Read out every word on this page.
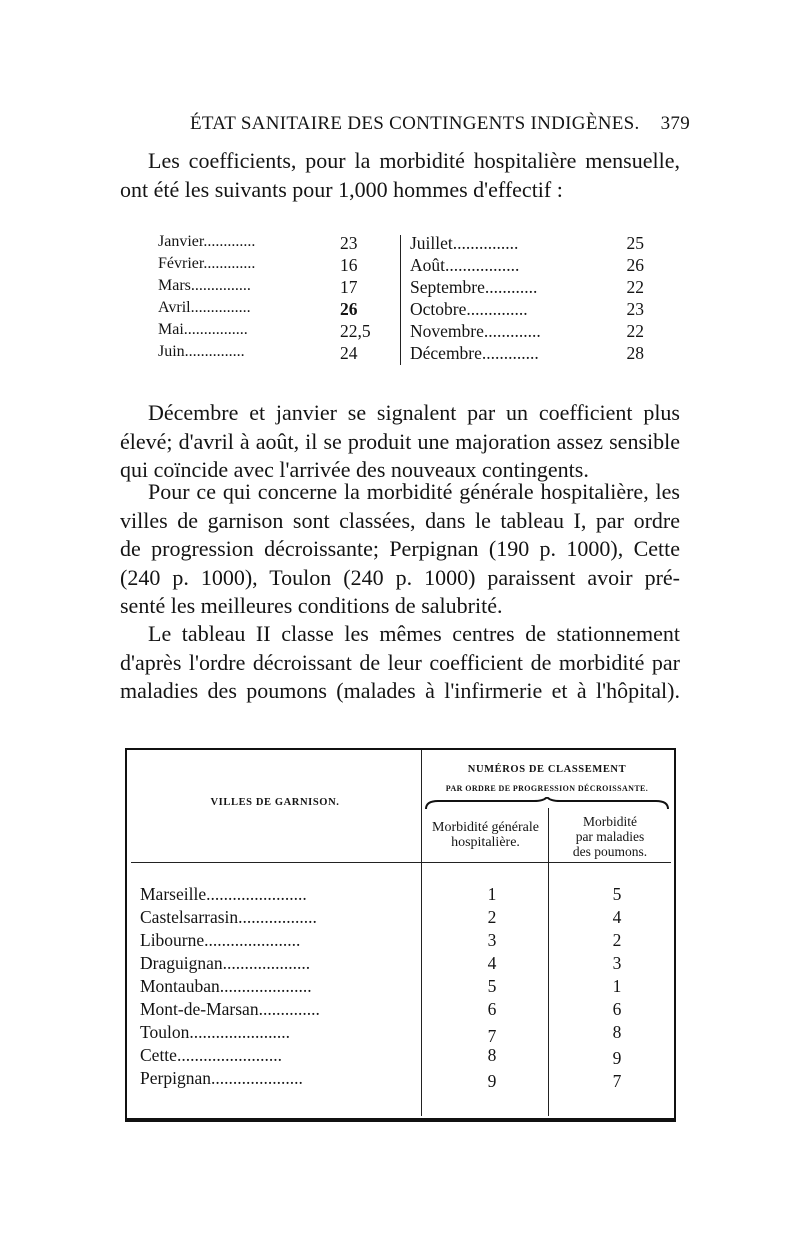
ÉTAT SANITAIRE DES CONTINGENTS INDIGÈNES. 379
Les coefficients, pour la morbidité hospitalière mensuelle,
ont été les suivants pour 1,000 hommes d'effectif :
Janvier.............
Février.............
Mars...............
Avril...............
Mai................
Juin...............
23
16
17
26
22,5
24
Juillet...............
Août.................
Septembre............
Octobre..............
Novembre.............
Décembre.............
25
26
22
23
22
28
Décembre et janvier se signalent par un coefficient plus
élevé; d'avril à août, il se produit une majoration assez sensible
qui coïncide avec l'arrivée des nouveaux contingents.
Pour ce qui concerne la morbidité générale hospitalière, les
villes de garnison sont classées, dans le tableau I, par ordre
de progression décroissante; Perpignan (190 p. 1000), Cette
(240 p. 1000), Toulon (240 p. 1000) paraissent avoir pré-
senté les meilleures conditions de salubrité.
Le tableau II classe les mêmes centres de stationnement
d'après l'ordre décroissant de leur coefficient de morbidité par
maladies des poumons (malades à l'infirmerie et à l'hôpital).
VILLES DE GARNISON.
NUMÉROS DE CLASSEMENT
PAR ORDRE DE PROGRESSION DÉCROISSANTE.
Morbidité générale
hospitalière.
Morbidité
par maladies
des poumons.
Marseille.......................
Castelsarrasin..................
Libourne......................
Draguignan....................
Montauban.....................
Mont-de-Marsan..............
Toulon.......................
Cette........................
Perpignan.....................
1
2
3
4
5
6
7
8
9
5
4
2
3
1
6
8
9
7
